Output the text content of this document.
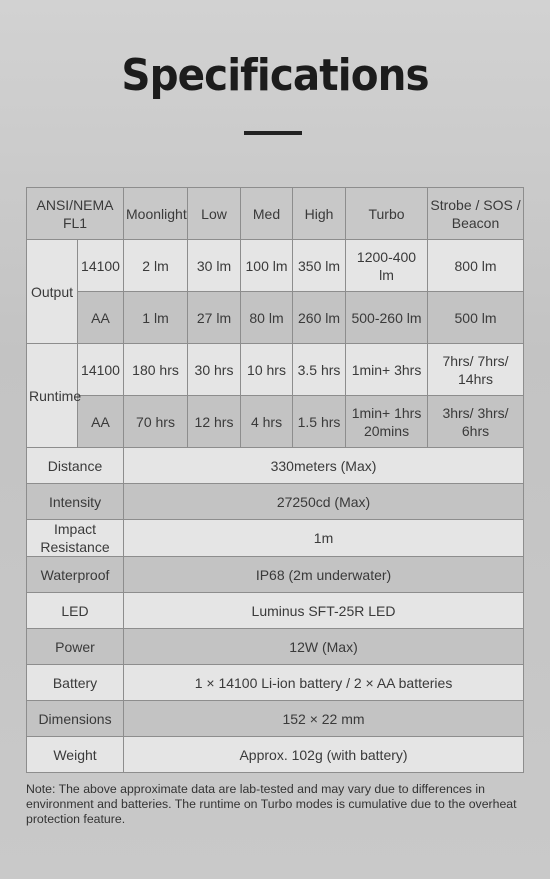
Specifications
ANSI/NEMA FL1		Moonlight	Low	Med	High	Turbo	Strobe / SOS / Beacon
Output	14100	2 lm	30 lm	100 lm	350 lm	1200-400 lm	800 lm
	AA	1 lm	27 lm	80 lm	260 lm	500-260 lm	500 lm
Runtime	14100	180 hrs	30 hrs	10 hrs	3.5 hrs	1min+ 3hrs	7hrs/ 7hrs/ 14hrs
	AA	70 hrs	12 hrs	4 hrs	1.5 hrs	1min+ 1hrs 20mins	3hrs/ 3hrs/ 6hrs
Distance		330meters (Max)					
Intensity		27250cd (Max)					
Impact Resistance		1m					
Waterproof		IP68 (2m underwater)					
LED		Luminus SFT-25R LED					
Power		12W (Max)					
Battery		1 × 14100 Li-ion battery / 2 × AA batteries					
Dimensions		152 × 22 mm					
Weight		Approx. 102g (with battery)					
Note: The above approximate data are lab-tested and may vary due to differences in environment and batteries. The runtime on Turbo modes is cumulative due to the overheat protection feature.
